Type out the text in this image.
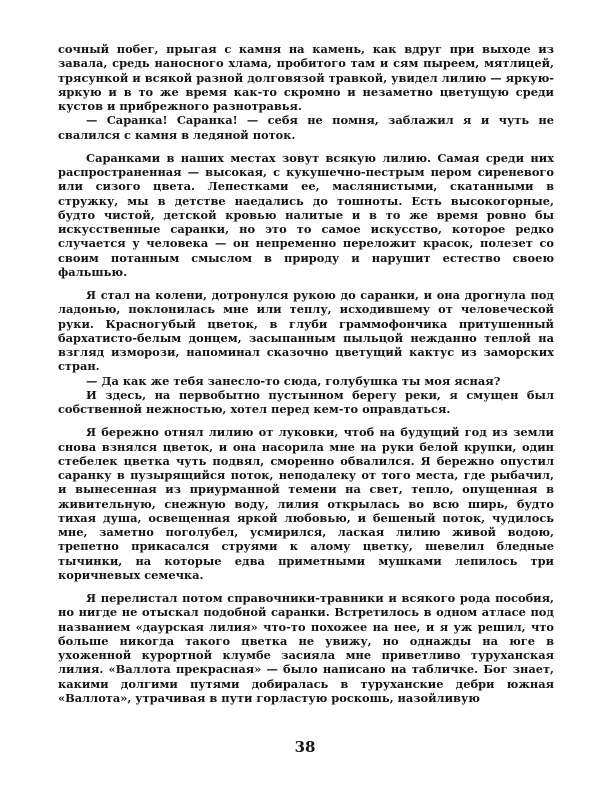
сочный побег, прыгая с камня на камень, как вдруг при выходе из завала, средь наносного хлама, пробитого там и сям пыреем, мятлицей, трясункой и всякой разной долговязой травкой, увидел лилию — яркую-яркую и в то же время как-то скромно и незаметно цветущую среди кустов и прибрежного разнотравья.

— Саранка! Саранка! — себя не помня, заблажил я и чуть не свалился с камня в ледяной поток.

Саранками в наших местах зовут всякую лилию. Самая среди них распространенная — высокая, с кукушечно-пестрым пером сиреневого или сизого цвета. Лепестками ее, маслянистыми, скатанными в стружку, мы в детстве наедались до тошноты. Есть высокогорные, будто чистой, детской кровью налитые и в то же время ровно бы искусственные саранки, но это то самое искусство, которое редко случается у человека — он непременно переложит красок, полезет со своим потанным смыслом в природу и нарушит естество своею фальшью.

Я стал на колени, дотронулся рукою до саранки, и она дрогнула под ладонью, поклонилась мне или теплу, исходившему от человеческой руки. Красногубый цветок, в глуби граммофончика притушенный бархатисто-белым донцем, засыпанным пыльцой нежданно теплой на взгляд изморози, напоминал сказочно цветущий кактус из заморских стран.

— Да как же тебя занесло-то сюда, голубушка ты моя ясная?

И здесь, на первобытно пустынном берегу реки, я смущен был собственной нежностью, хотел перед кем-то оправдаться.

Я бережно отнял лилию от луковки, чтоб на будущий год из земли снова взнялся цветок, и она насорила мне на руки белой крупки, один стебелек цветка чуть подвял, сморенно обвалился. Я бережно опустил саранку в пузырящийся поток, неподалеку от того места, где рыбачил, и вынесенная из приурманной темени на свет, тепло, опущенная в живительную, снежную воду, лилия открылась во всю ширь, будто тихая душа, освещенная яркой любовью, и бешеный поток, чудилось мне, заметно поголубел, усмирился, лаская лилию живой водою, трепетно прикасался струями к алому цветку, шевелил бледные тычинки, на которые едва приметными мушками лепилось три коричневых семечка.

Я перелистал потом справочники-травники и всякого рода пособия, но нигде не отыскал подобной саранки. Встретилось в одном атласе под названием «даурская лилия» что-то похожее на нее, и я уж решил, что больше никогда такого цветка не увижу, но однажды на юге в ухоженной курортной клумбе засияла мне приветливо туруханская лилия. «Валлота прекрасная» — было написано на табличке. Бог знает, какими долгими путями добиралась в туруханские дебри южная «Валлота», утрачивая в пути горластую роскошь, назойливую

38
